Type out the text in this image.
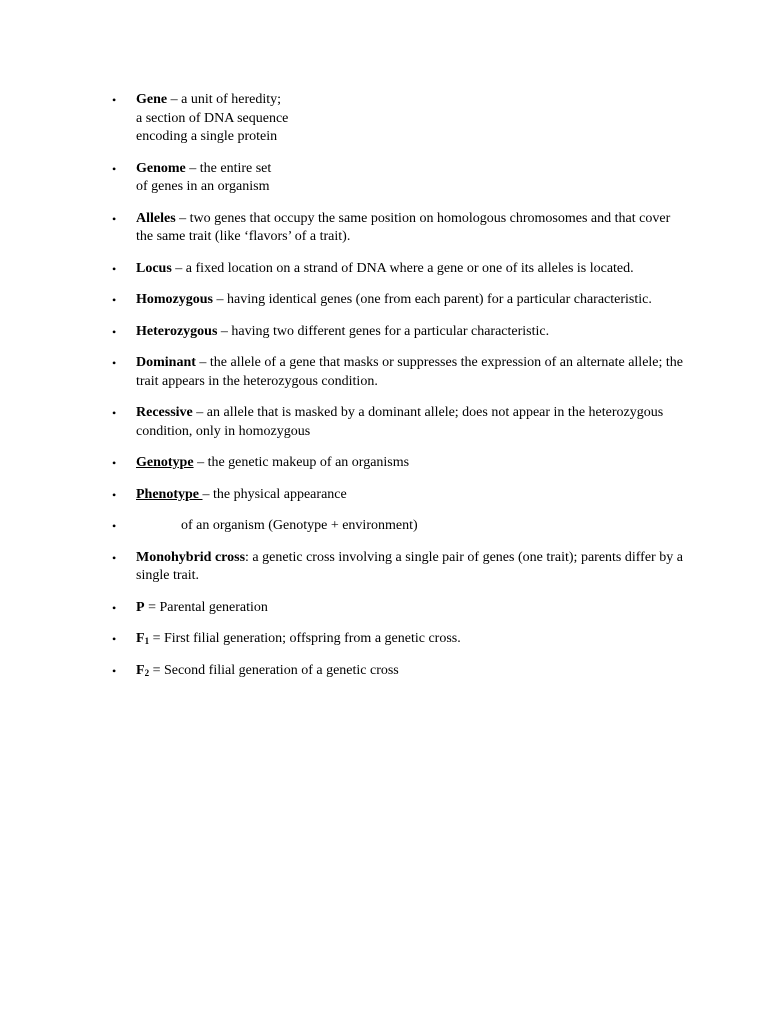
• Gene – a unit of heredity;
a section of DNA sequence
encoding a single protein
• Genome – the entire set
of genes in an organism
• Alleles – two genes that occupy the same position on homologous chromosomes and that cover the same trait (like ‘flavors’ of a trait).
• Locus – a fixed location on a strand of DNA where a gene or one of its alleles is located.
• Homozygous – having identical genes (one from each parent) for a particular characteristic.
• Heterozygous – having two different genes for a particular characteristic.
• Dominant – the allele of a gene that masks or suppresses the expression of an alternate allele; the trait appears in the heterozygous condition.
• Recessive – an allele that is masked by a dominant allele; does not appear in the heterozygous condition, only in homozygous
• Genotype – the genetic makeup of an organisms
• Phenotype – the physical appearance
•	of an organism (Genotype + environment)
• Monohybrid cross: a genetic cross involving a single pair of genes (one trait); parents differ by a single trait.
• P = Parental generation
• $F_1$ = First filial generation; offspring from a genetic cross.
• $F_2$ = Second filial generation of a genetic cross
